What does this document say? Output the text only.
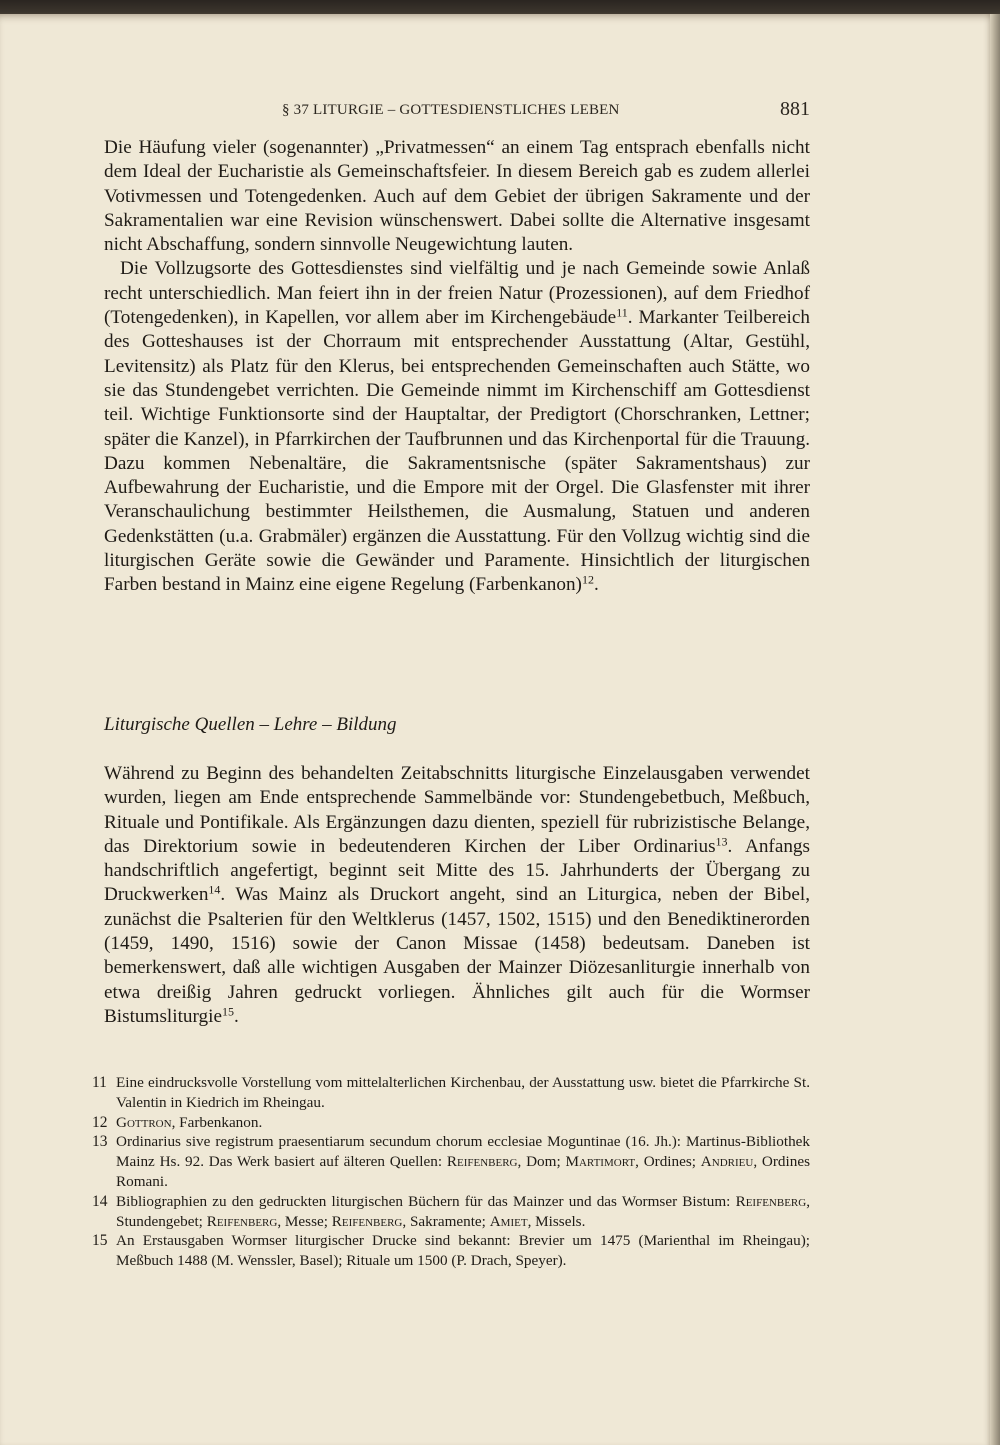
§ 37 LITURGIE – GOTTESDIENSTLICHES LEBEN	881

Die Häufung vieler (sogenannter) „Privatmessen“ an einem Tag entsprach ebenfalls nicht dem Ideal der Eucharistie als Gemeinschaftsfeier. In diesem Bereich gab es zudem allerlei Votivmessen und Totengedenken. Auch auf dem Gebiet der übrigen Sakramente und der Sakramentalien war eine Revision wünschenswert. Dabei sollte die Alternative insgesamt nicht Abschaffung, sondern sinnvolle Neugewichtung lauten.

Die Vollzugsorte des Gottesdienstes sind vielfältig und je nach Gemeinde sowie Anlaß recht unterschiedlich. Man feiert ihn in der freien Natur (Prozessionen), auf dem Friedhof (Totengedenken), in Kapellen, vor allem aber im Kirchengebäude$^{11}$. Markanter Teilbereich des Gotteshauses ist der Chorraum mit entsprechender Ausstattung (Altar, Gestühl, Levitensitz) als Platz für den Klerus, bei entsprechenden Gemeinschaften auch Stätte, wo sie das Stundengebet verrichten. Die Gemeinde nimmt im Kirchenschiff am Gottesdienst teil. Wichtige Funktionsorte sind der Hauptaltar, der Predigtort (Chorschranken, Lettner; später die Kanzel), in Pfarrkirchen der Taufbrunnen und das Kirchenportal für die Trauung. Dazu kommen Nebenaltäre, die Sakramentsnische (später Sakramentshaus) zur Aufbewahrung der Eucharistie, und die Empore mit der Orgel. Die Glasfenster mit ihrer Veranschaulichung bestimmter Heilsthemen, die Ausmalung, Statuen und anderen Gedenkstätten (u.a. Grabmäler) ergänzen die Ausstattung. Für den Vollzug wichtig sind die liturgischen Geräte sowie die Gewänder und Paramente. Hinsichtlich der liturgischen Farben bestand in Mainz eine eigene Regelung (Farbenkanon)$^{12}$.

Liturgische Quellen – Lehre – Bildung

Während zu Beginn des behandelten Zeitabschnitts liturgische Einzelausgaben verwendet wurden, liegen am Ende entsprechende Sammelbände vor: Stundengebetbuch, Meßbuch, Rituale und Pontifikale. Als Ergänzungen dazu dienten, speziell für rubrizistische Belange, das Direktorium sowie in bedeutenderen Kirchen der Liber Ordinarius$^{13}$. Anfangs handschriftlich angefertigt, beginnt seit Mitte des 15. Jahrhunderts der Übergang zu Druckwerken$^{14}$. Was Mainz als Druckort angeht, sind an Liturgica, neben der Bibel, zunächst die Psalterien für den Weltklerus (1457, 1502, 1515) und den Benediktinerorden (1459, 1490, 1516) sowie der Canon Missae (1458) bedeutsam. Daneben ist bemerkenswert, daß alle wichtigen Ausgaben der Mainzer Diözesanliturgie innerhalb von etwa dreißig Jahren gedruckt vorliegen. Ähnliches gilt auch für die Wormser Bistumsliturgie$^{15}$.

11 Eine eindrucksvolle Vorstellung vom mittelalterlichen Kirchenbau, der Ausstattung usw. bietet die Pfarrkirche St. Valentin in Kiedrich im Rheingau.
12 Gottron, Farbenkanon.
13 Ordinarius sive registrum praesentiarum secundum chorum ecclesiae Moguntinae (16. Jh.): Martinus-Bibliothek Mainz Hs. 92. Das Werk basiert auf älteren Quellen: Reifenberg, Dom; Martimort, Ordines; Andrieu, Ordines Romani.
14 Bibliographien zu den gedruckten liturgischen Büchern für das Mainzer und das Wormser Bistum: Reifenberg, Stundengebet; Reifenberg, Messe; Reifenberg, Sakramente; Amiet, Missels.
15 An Erstausgaben Wormser liturgischer Drucke sind bekannt: Brevier um 1475 (Marienthal im Rheingau); Meßbuch 1488 (M. Wenssler, Basel); Rituale um 1500 (P. Drach, Speyer).
